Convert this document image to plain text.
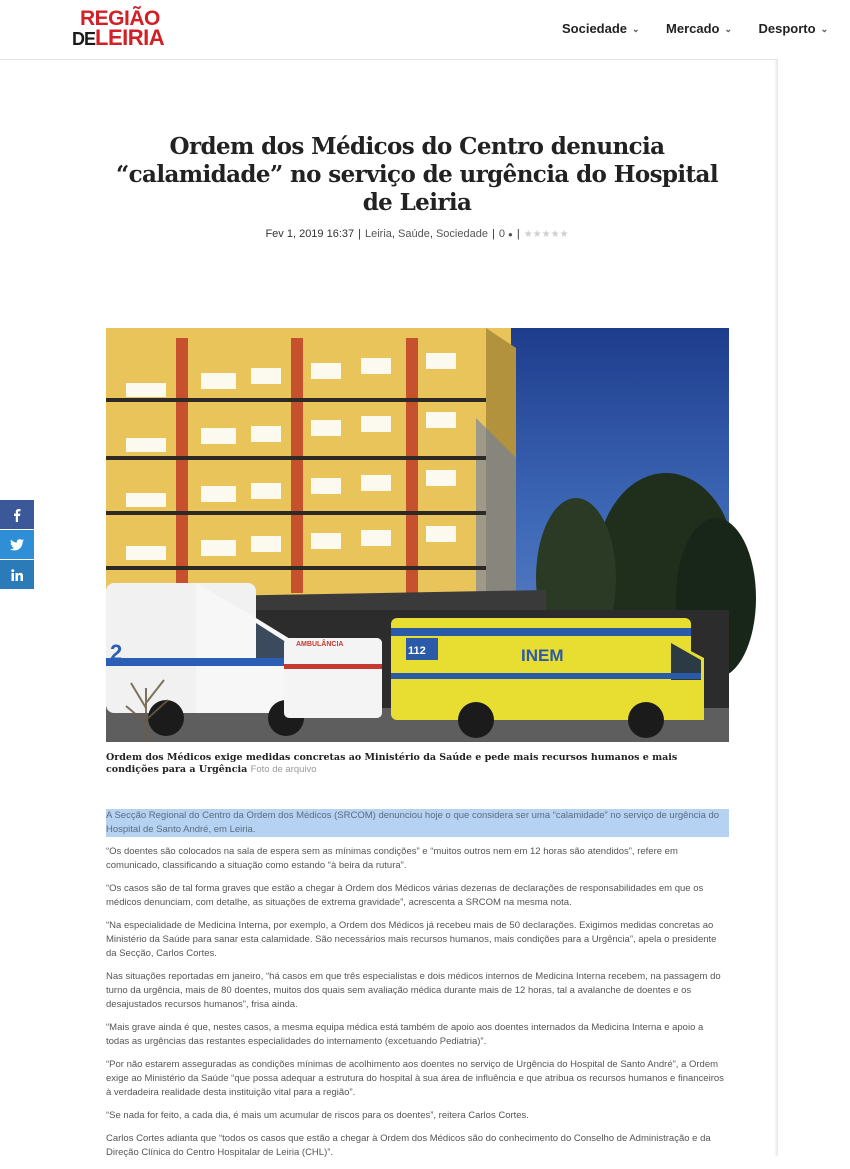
REGIÃO
DELEIRIA	Sociedade ⌄ Mercado ⌄ Desporto ⌄
Ordem dos Médicos do Centro denuncia “calamidade” no serviço de urgência do Hospital de Leiria
Fev 1, 2019 16:37 | Leiria, Saúde, Sociedade | 0 ● | ★★★★★
2	AMBULÂNCIA
112	INEM
Ordem dos Médicos exige medidas concretas ao Ministério da Saúde e pede mais recursos humanos e mais condições para a Urgência Foto de arquivo

A Secção Regional do Centro da Ordem dos Médicos (SRCOM) denunciou hoje o que considera ser uma “calamidade” no serviço de urgência do Hospital de Santo André, em Leiria.

“Os doentes são colocados na sala de espera sem as mínimas condições” e “muitos outros nem em 12 horas são atendidos”, refere em comunicado, classificando a situação como estando “à beira da rutura”.

“Os casos são de tal forma graves que estão a chegar à Ordem dos Médicos várias dezenas de declarações de responsabilidades em que os médicos denunciam, com detalhe, as situações de extrema gravidade”, acrescenta a SRCOM na mesma nota.

“Na especialidade de Medicina Interna, por exemplo, a Ordem dos Médicos já recebeu mais de 50 declarações. Exigimos medidas concretas ao Ministério da Saúde para sanar esta calamidade. São necessários mais recursos humanos, mais condições para a Urgência”, apela o presidente da Secção, Carlos Cortes.

Nas situações reportadas em janeiro, “há casos em que três especialistas e dois médicos internos de Medicina Interna recebem, na passagem do turno da urgência, mais de 80 doentes, muitos dos quais sem avaliação médica durante mais de 12 horas, tal a avalanche de doentes e os desajustados recursos humanos”, frisa ainda.

“Mais grave ainda é que, nestes casos, a mesma equipa médica está também de apoio aos doentes internados da Medicina Interna e apoio a todas as urgências das restantes especialidades do internamento (excetuando Pediatria)”.

“Por não estarem asseguradas as condições mínimas de acolhimento aos doentes no serviço de Urgência do Hospital de Santo André”, a Ordem exige ao Ministério da Saúde “que possa adequar a estrutura do hospital à sua área de influência e que atribua os recursos humanos e financeiros à verdadeira realidade desta instituição vital para a região”.

“Se nada for feito, a cada dia, é mais um acumular de riscos para os doentes”, reitera Carlos Cortes.

Carlos Cortes adianta que “todos os casos que estão a chegar à Ordem dos Médicos são do conhecimento do Conselho de Administração e da Direção Clínica do Centro Hospitalar de Leiria (CHL)”.
